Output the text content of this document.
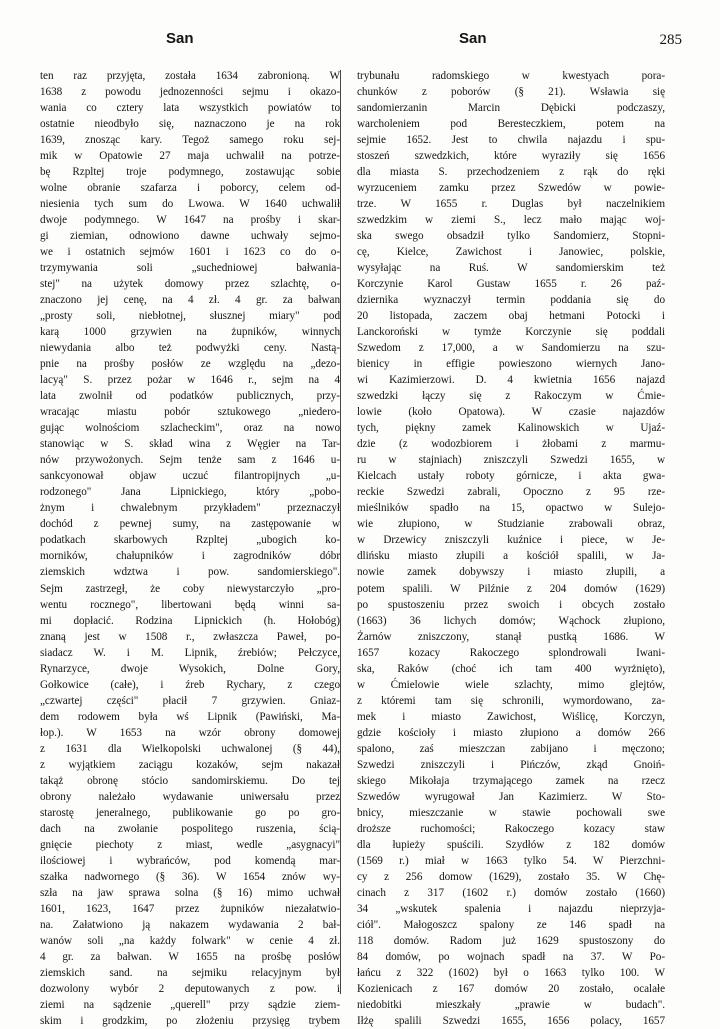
San	San	285
ten raz przyjęta, została 1634 zabronioną. W
1638 z powodu jednozenności sejmu i okazo-
wania co cztery lata wszystkich powiatów to
ostatnie nieodbyło się, naznaczono je na rok
1639, znosząc kary. Tegoż samego roku sej-
mik w Opatowie 27 maja uchwalił na potrze-
bę Rzpltej troje podymnego, zostawując sobie
wolne obranie szafarza i poborcy, celem od-
niesienia tych sum do Lwowa. W 1640 uchwalił
dwoje podymnego. W 1647 na prośby i skar-
gi ziemian, odnowiono dawne uchwały sejmo-
we i ostatnich sejmów 1601 i 1623 co do o-
trzymywania soli „suchedniowej bałwania-
stej" na użytek domowy przez szlachtę, o-
znaczono jej cenę, na 4 zł. 4 gr. za bałwan
„prosty soli, niebłotnej, słusznej miary" pod
karą 1000 grzywien na żupników, winnych
niewydania albo też podwyżki ceny. Nastą-
pnie na prośby posłów ze względu na „dezo-
lacyą" S. przez pożar w 1646 r., sejm na 4
lata zwolnił od podatków publicznych, przy-
wracając miastu pobór sztukowego „niedero-
gując wolnościom szlacheckim", oraz na nowo
stanowiąc w S. skład wina z Węgier na Tar-
nów przywożonych. Sejm tenże sam z 1646 u-
sankcyonował objaw uczuć filantropijnych „u-
rodzonego" Jana Lipnickiego, który „pobo-
żnym i chwalebnym przykładem" przeznaczył
dochód z pewnej sumy, na zastępowanie w
podatkach skarbowych Rzpltej „ubogich ko-
morników, chałupników i zagrodników dóbr
ziemskich wdztwa i pow. sandomierskiego".
Sejm zastrzegł, że coby niewystarczyło „pro-
wentu rocznego", libertowani będą winni sa-
mi dopłacić. Rodzina Lipnickich (h. Hołobóg)
znaną jest w 1508 r., zwłaszcza Paweł, po-
siadacz W. i M. Lipnik, źrebiów; Pełczyce,
Rynarzyce, dwoje Wysokich, Dolne Gory,
Gołkowice (całe), i źreb Rychary, z czego
„czwartej części" płacił 7 grzywien. Gniaz-
dem rodowem była wś Lipnik (Pawiński, Ma-
łop.). W 1653 na wzór obrony domowej
z 1631 dla Wielkopolski uchwalonej (§ 44),
z wyjątkiem zaciągu kozaków, sejm nakazał
takąż obronę stócio sandomirskiemu. Do tej
obrony należało wydawanie uniwersału przez
starostę jeneralnego, publikowanie go po gro-
dach na zwołanie pospolitego ruszenia, ścią-
gnięcie piechoty z miast, wedle „asygnacyi"
ilościowej i wybrańców, pod komendą mar-
szałka nadwornego (§ 36). W 1654 znów wy-
szła na jaw sprawa solna (§ 16) mimo uchwał
1601, 1623, 1647 przez żupników niezałatwio-
na. Załatwiono ją nakazem wydawania 2 bał-
wanów soli „na każdy folwark" w cenie 4 zł.
4 gr. za bałwan. W 1655 na prośbę posłów
ziemskich sand. na sejmiku relacyjnym był
dozwolony wybór 2 deputowanych z pow. i
ziemi na sądzenie „querell" przy sądzie ziem-
skim i grodzkim, po złożeniu przysięg trybem
trybunału radomskiego w kwestyach pora-
chunków z poborów (§ 21). Wsławia się
sandomierzanin Marcin Dębicki podczaszy,
warcholeniem pod Beresteczkiem, potem na
sejmie 1652. Jest to chwila najazdu i spu-
stoszeń szwedzkich, które wyraziły się 1656
dla miasta S. przechodzeniem z rąk do ręki
wyrzuceniem zamku przez Szwedów w powie-
trze. W 1655 r. Duglas był naczelnikiem
szwedzkim w ziemi S., lecz mało mając woj-
ska swego obsadził tylko Sandomierz, Stopni-
cę, Kielce, Zawichost i Janowiec, polskie,
wysyłając na Ruś. W sandomierskim też
Korczynie Karol Gustaw 1655 r. 26 paź-
dziernika wyznaczył termin poddania się do
20 listopada, zaczem obaj hetmani Potocki i
Lanckoroński w tymże Korczynie się poddali
Szwedom z 17,000, a w Sandomierzu na szu-
bienicy in effigie powieszono wiernych Jano-
wi Kazimierzowi. D. 4 kwietnia 1656 najazd
szwedzki łączy się z Rakoczym w Ćmie-
lowie (koło Opatowa). W czasie najazdów
tych, piękny zamek Kalinowskich w Ujaź-
dzie (z wodozbiorem i żłobami z marmu-
ru w stajniach) zniszczyli Szwedzi 1655, w
Kielcach ustały roboty górnicze, i akta gwa-
reckie Szwedzi zabrali, Opoczno z 95 rze-
mieślników spadło na 15, opactwo w Sulejo-
wie złupiono, w Studzianie zrabowali obraz,
w Drzewicy zniszczyli kuźnice i piece, w Je-
dlińsku miasto złupili a kościół spalili, w Ja-
nowie zamek dobywszy i miasto złupili, a
potem spalili. W Pilźnie z 204 domów (1629)
po spustoszeniu przez swoich i obcych zostało
(1663) 36 lichych domów; Wąchock złupiono,
Żarnów zniszczony, stanął pustką 1686. W
1657 kozacy Rakoczego splondrowali Iwani-
ska, Raków (choć ich tam 400 wyrżnięto),
w Ćmielowie wiele szlachty, mimo glejtów,
z któremi tam się schronili, wymordowano, za-
mek i miasto Zawichost, Wiślicę, Korczyn,
gdzie kościoły i miasto złupiono a domów 266
spalono, zaś mieszczan zabijano i męczono;
Szwedzi zniszczyli i Pińczów, zkąd Gnoiń-
skiego Mikołaja trzymającego zamek na rzecz
Szwedów wyrugował Jan Kazimierz. W Sto-
bnicy, mieszczanie w stawie pochowali swe
droższe ruchomości; Rakoczego kozacy staw
dla łupieży spuścili. Szydłów z 182 domów
(1569 r.) miał w 1663 tylko 54. W Pierzchni-
cy z 256 domow (1629), zostało 35. W Chę-
cinach z 317 (1602 r.) domów zostało (1660)
34 „wskutek spalenia i najazdu nieprzyja-
ciół". Małogoszcz spalony ze 146 spadł na
118 domów. Radom już 1629 spustoszony do
84 domów, po wojnach spadł na 37. W Po-
łańcu z 322 (1602) był o 1663 tylko 100. W
Kozienicach z 167 domów 20 zostało, ocalałe
niedobitki mieszkały „prawie w budach".
Iłżę spalili Szwedzi 1655, 1656 polacy, 1657
